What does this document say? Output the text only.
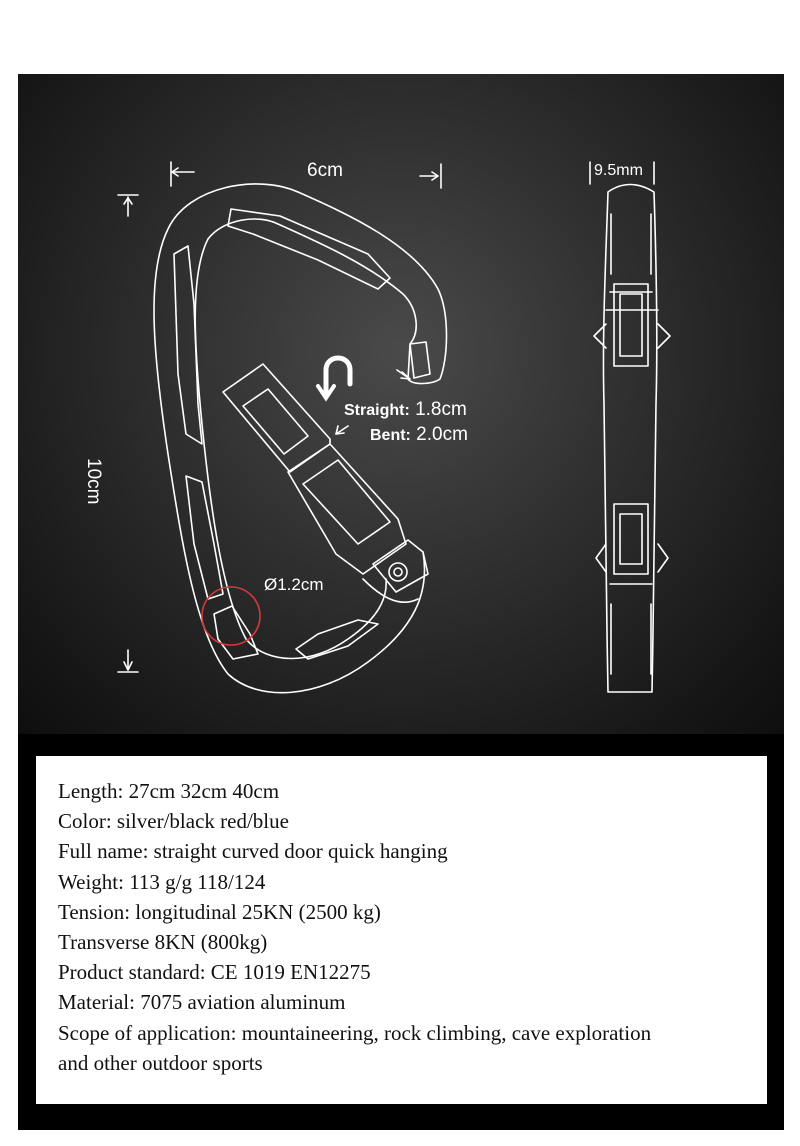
6cm	9.5mm
10cm
Straight: 1.8cm
Bent: 2.0cm
Ø1.2cm
Length: 27cm 32cm 40cm
Color: silver/black red/blue
Full name: straight curved door quick hanging
Weight: 113 g/g 118/124
Tension: longitudinal 25KN (2500 kg)
Transverse 8KN (800kg)
Product standard: CE 1019 EN12275
Material: 7075 aviation aluminum
Scope of application: mountaineering, rock climbing, cave exploration
and other outdoor sports
